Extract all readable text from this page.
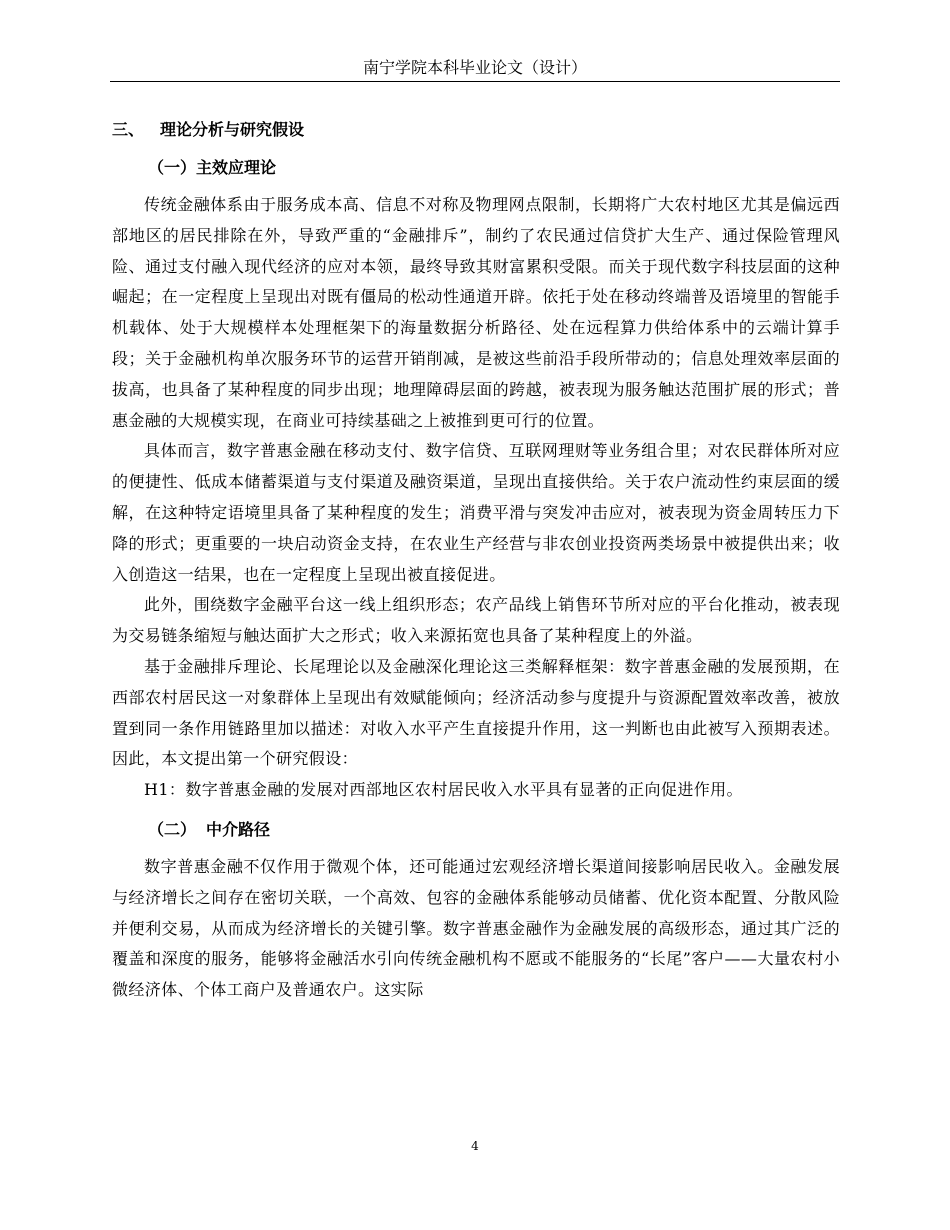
南宁学院本科毕业论文（设计）
三、 理论分析与研究假设
（一）主效应理论

传统金融体系由于服务成本高、信息不对称及物理网点限制，长期将广大农村地区尤其是偏远西部地区的居民排除在外，导致严重的“金融排斥”，制约了农民通过信贷扩大生产、通过保险管理风险、通过支付融入现代经济的应对本领，最终导致其财富累积受限。而关于现代数字科技层面的这种崛起；在一定程度上呈现出对既有僵局的松动性通道开辟。依托于处在移动终端普及语境里的智能手机载体、处于大规模样本处理框架下的海量数据分析路径、处在远程算力供给体系中的云端计算手段；关于金融机构单次服务环节的运营开销削减，是被这些前沿手段所带动的；信息处理效率层面的拔高，也具备了某种程度的同步出现；地理障碍层面的跨越，被表现为服务触达范围扩展的形式；普惠金融的大规模实现，在商业可持续基础之上被推到更可行的位置。

具体而言，数字普惠金融在移动支付、数字信贷、互联网理财等业务组合里；对农民群体所对应的便捷性、低成本储蓄渠道与支付渠道及融资渠道，呈现出直接供给。关于农户流动性约束层面的缓解，在这种特定语境里具备了某种程度的发生；消费平滑与突发冲击应对，被表现为资金周转压力下降的形式；更重要的一块启动资金支持，在农业生产经营与非农创业投资两类场景中被提供出来；收入创造这一结果，也在一定程度上呈现出被直接促进。

此外，围绕数字金融平台这一线上组织形态；农产品线上销售环节所对应的平台化推动，被表现为交易链条缩短与触达面扩大之形式；收入来源拓宽也具备了某种程度上的外溢。

基于金融排斥理论、长尾理论以及金融深化理论这三类解释框架：数字普惠金融的发展预期，在西部农村居民这一对象群体上呈现出有效赋能倾向；经济活动参与度提升与资源配置效率改善，被放置到同一条作用链路里加以描述：对收入水平产生直接提升作用，这一判断也由此被写入预期表述。因此，本文提出第一个研究假设：

H1：数字普惠金融的发展对西部地区农村居民收入水平具有显著的正向促进作用。

（二） 中介路径

数字普惠金融不仅作用于微观个体，还可能通过宏观经济增长渠道间接影响居民收入。金融发展与经济增长之间存在密切关联，一个高效、包容的金融体系能够动员储蓄、优化资本配置、分散风险并便利交易，从而成为经济增长的关键引擎。数字普惠金融作为金融发展的高级形态，通过其广泛的覆盖和深度的服务，能够将金融活水引向传统金融机构不愿或不能服务的“长尾”客户——大量农村小微经济体、个体工商户及普通农户。这实际

4
